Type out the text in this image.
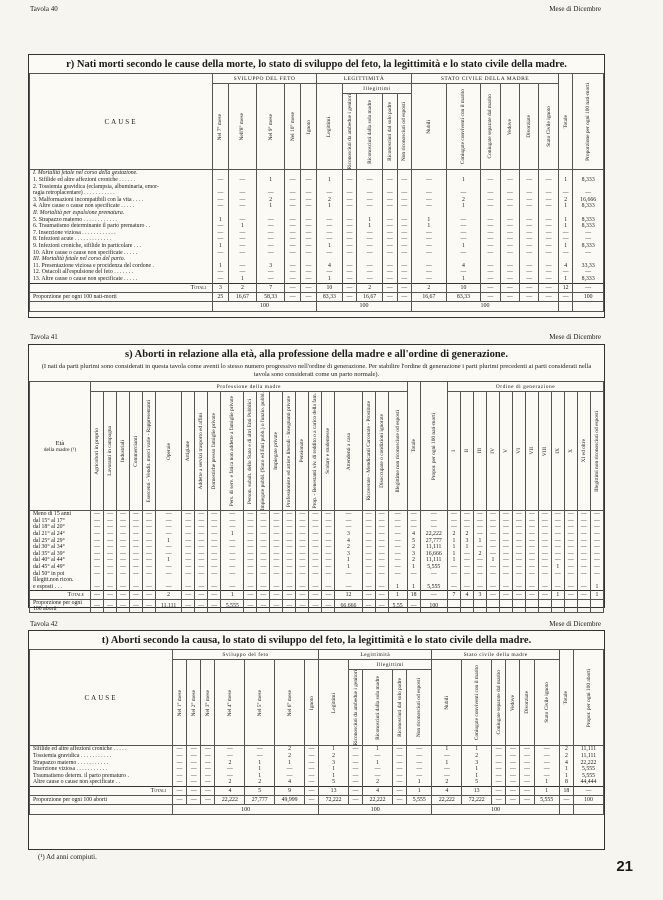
Tavola 40	Mese di Dicembre
r) Nati morti secondo le cause della morte, lo stato di sviluppo del feto, la legittimità e lo stato civile della madre.
CAUSE	SVILUPPO DEL FETO					LEGITTIMITÀ					STATO CIVILE DELLA MADRE						Totale	Proporzione per ogni 100 nati-morti

	Nel 7° mese	Nell'8° mese	Nel 9° mese	Nel 10° mese	Ignoto	Legittimi	Illegittimi				Nubili	Coniugate conviventi con il marito	Coniugate separate dal marito	Vedove	Divorziate	Stato Civile ignoto		

							Riconosciuti da ambedue i genitori	Riconosciuti dalla sola madre	Riconosciuti dal solo padre	Non riconosciuti od esposti								

I. Mortalità fetale nel corso della gestazione.																		
1. Sifilide ed altre affezioni croniche . . . . . .	—	—	1	—	—	1	—	—	—	—	—	1	—	—	—	—	1	8,333
2. Tossiemia gravidica (eclampsia, albuminaria, emor-																		
ragia retroplacentare) . . . . . . . . . . .	—	—	—	—	—	—	—	—	—	—	—	—	—	—	—	—	—	—
3. Malformazioni incompatibili con la vita . . . .	—	—	2	—	—	2	—	—	—	—	—	2	—	—	—	—	2	16,666
4. Altre cause o cause non specificate . . . . .	—	—	1	—	—	1	—	—	—	—	—	1	—	—	—	—	1	8,333
II. Mortalità per espulsione prematura.																		
5. Strapazzo materno . . . . . . . . . . . .	1	—	—	—	—	—	—	1	—	—	1	—	—	—	—	—	1	8,333
6. Traumatismo determinante il parto prematuro . .	—	1	—	—	—	—	—	1	—	—	1	—	—	—	—	—	1	8,333
7. Inserzione viziosa . . . . . . . . . . . .	—	—	—	—	—	—	—	—	—	—	—	—	—	—	—	—	—	—
8. Infezioni acute . . . . . . . . . . . . .	—	—	—	—	—	—	—	—	—	—	—	—	—	—	—	—	—	—
9. Infezioni croniche, sifilide in particolare . . .	1	—	—	—	—	1	—	—	—	—	—	1	—	—	—	—	1	8,333
10. Altre cause o cause non specificate . . . . .	—	—	—	—	—	—	—	—	—	—	—	—	—	—	—	—	—	—
III. Mortalità fetale nel corso del parto.																		
11. Presentazione viziosa e procidenza del cordone .	1	—	3	—	—	4	—	—	—	—	—	4	—	—	—	—	4	33,33
12. Ostacoli all'espulsione del feto . . . . . . .	—	—	—	—	—	—	—	—	—	—	—	—	—	—	—	—	—	—
13. Altre cause o cause non specificate . . . . .	—	1	—	—	—	1	—	—	—	—	—	1	—	—	—	—	1	8,333
Totali	3	2	7	—	—	10	—	2	—	—	2	10	—	—	—	—	12	—
Proporzione per ogni 100 nati-morti	25	16,67	58,33	—	—	83,33	—	16,67	—	—	16,67	83,33	—	—	—	—	—	100
	100					100					100							
Tavola 41	Mese di Dicembre
s) Aborti in relazione alla età, alla professione della madre e all'ordine di generazione.
(I nati da parti plurimi sono considerati in questa tavola come aventi lo stesso numero progressivo nell'ordine di generazione. Per stabilire l'ordine di generazione i parti plurimi precedenti ai parti considerati nella tavola sono considerati come un parto normale).
Età
della madre (¹)	Professione della madre																					Totale	Propor. per ogni 100 nati-morti	Ordine di generazione											

	Agricoltori in proprio	Lavoranti in campagna	Industriali	Commercianti	Esercenti - Vendit. merci varie - Rappresentanti	Operaie	Artigiane	Addette a servizi trasporto ed affini	Domestiche presso famiglie private	Pers. di serv. e fatica non addette a famiglie private	Person. subalt. dello Stato e di altri Enti Pubblici	Impiegate pubbl. (Stato ed Enti pubb.) o funzio. pubbl.	Impiegate private	Professioniste ed artiste liberali - Insegnanti private	Pensionate	Prop. - Benestanti viv. di reddito o a carico della fam.	Scolare e studentesse	Attendenti a casa	Ricoverate - Mendicanti Carcerate - Prostitute	Disoccupate o condizioni ignorate	Illegittime non riconosciute od esposti			I	II	III	IV	V	VI	VII	VIII	IX	X	XI ed oltre	Illegittimi non riconosciuti od esposti

Meno di 15 anni	—	—	—	—	—	—	—	—	—	—	—	—	—	—	—	—	—	—	—	—	—	—	—	—	—	—	—	—	—	—	—	—	—	—	—
dal 15° al 17°	—	—	—	—	—	—	—	—	—	—	—	—	—	—	—	—	—	—	—	—	—	—	—	—	—	—	—	—	—	—	—	—	—	—	—
dal 18° al 20°	—	—	—	—	—	—	—	—	—	—	—	—	—	—	—	—	—	—	—	—	—	—	—	—	—	—	—	—	—	—	—	—	—	—	—
dal 21° al 24°	—	—	—	—	—	—	—	—	—	1	—	—	—	—	—	—	—	3	—	—	—	4	22,222	2	2	—	—	—	—	—	—	—	—	—	—
dal 25° al 29°	—	—	—	—	—	1	—	—	—	—	—	—	—	—	—	—	—	4	—	—	—	5	27,777	1	3	1	—	—	—	—	—	—	—	—	—
dal 30° al 34°	—	—	—	—	—	—	—	—	—	—	—	—	—	—	—	—	—	2	—	—	—	2	11,111	1	1	—	—	—	—	—	—	—	—	—	—
dal 35° al 39°	—	—	—	—	—	—	—	—	—	—	—	—	—	—	—	—	—	3	—	—	—	3	16,666	1	—	2	—	—	—	—	—	—	—	—	—
dal 40° al 44°	—	—	—	—	—	1	—	—	—	—	—	—	—	—	—	—	—	1	—	—	—	2	11,111	1	—	—	1	—	—	—	—	—	—	—	—
dal 45° al 49°	—	—	—	—	—	—	—	—	—	—	—	—	—	—	—	—	—	1	—	—	—	1	5,555	—	—	—	—	—	—	—	—	1	—	—	—
dal 50° in poi	—	—	—	—	—	—	—	—	—	—	—	—	—	—	—	—	—	—	—	—	—	—	—	—	—	—	—	—	—	—	—	—	—	—	—
Illegitt.non ricon.																																			
e esposti . . .	—	—	—	—	—	—	—	—	—	—	—	—	—	—	—	—	—	—	—	—	1	1	5,555	—	—	—	—	—	—	—	—	—	—	—	1
Totale	—	—	—	—	—	2	—	—	—	1	—	—	—	—	—	—	—	12	—	—	1	18	—	7	4	3	—	—	—	—	—	1	—	—	1
Proporzione per ogni 100 aborti	—	—	—	—	—	11,111	—	—	—	5,555	—	—	—	—	—	—	—	66,666	—	—	5,55	—	100												
Tavola 42	Mese di Dicembre
t) Aborti secondo la causa, lo stato di sviluppo del feto, la legittimità e lo stato civile della madre.
CAUSE	Sviluppo del feto							Legittimità					Stato civile della madre						Totale	Propor. per ogni 100 aborti

	Nel 1° mese	Nel 2° mese	Nel 3° mese	Nel 4° mese	Nel 5° mese	Nel 6° mese	Ignoto	Legittimi	Illegittimi				Nubili	Coniugate conviventi con il marito	Coniugate separate dal marito	Vedove	Divorziate	Stato Civile ignoto		

									Riconosciuti da ambedue i genitori	Riconosciuti dalla sola madre	Riconosciuti dal solo padre	Non riconosciuti od esposti								

Sifilide ed altre affezioni croniche . . . . .	—	—	—	—	—	2	—	1	—	1	—	—	1	1	—	—	—	—	2	11,111
Tossiemia gravidica . . . . . . . . . . .	—	—	—	—	—	2	—	2	—	—	—	—	—	2	—	—	—	—	2	11,111
Strapazzo materno . . . . . . . . . . .	—	—	—	2	1	1	—	3	—	1	—	—	1	3	—	—	—	—	4	22,222
Inserzione viziosa . . . . . . . . . . .	—	—	—	—	1	—	—	1	—	—	—	—	—	1	—	—	—	—	1	5,555
Traumatismo determ. il parto prematuro .	—	—	—	—	1	—	—	1	—	—	—	—	—	1	—	—	—	—	1	5,555
Altre cause o cause non specificate . .	—	—	—	2	2	4	—	5	—	2	—	1	2	5	—	—	—	1	8	44,444
Totali	—	—	—	4	5	9	—	13	—	4	—	1	4	13	—	—	—	1	18	—
Proporzione per ogni 100 aborti	—	—	—	22,222	27,777	49,999	—	72,222	—	22,222	—	5,555	22,222	72,222	—	—	—	5,555	—	100
	100							100					100							
(¹) Ad anni compiuti.
21
